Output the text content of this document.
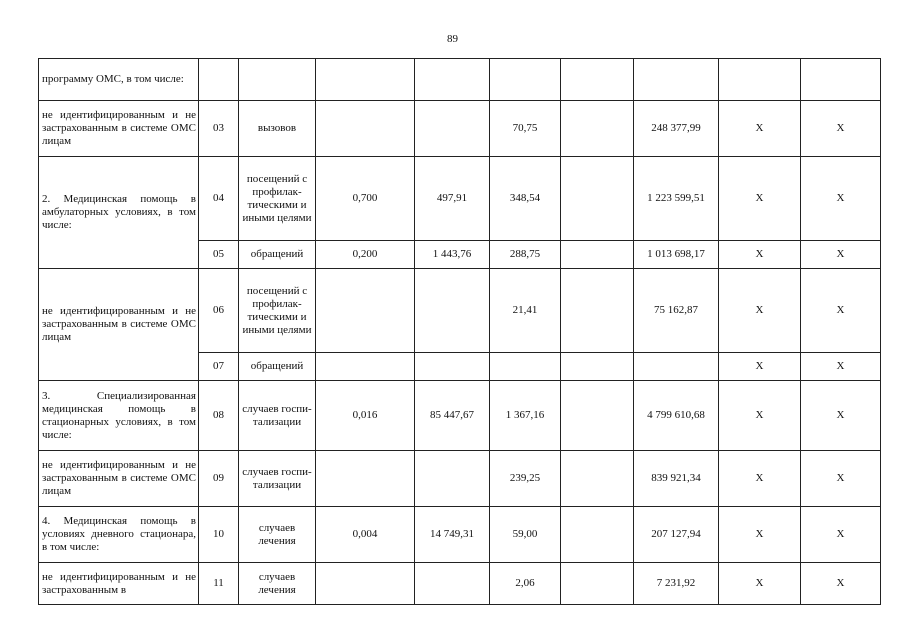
89
программу ОМС, в том числе:									
не идентифицированным и не застрахованным в системе ОМС лицам	03	вызовов			70,75		248 377,99	X	X
2. Медицинская помощь в амбулаторных условиях, в том числе:	04	посещений с профилак-тическими и иными целями	0,700	497,91	348,54		1 223 599,51	X	X
	05	обращений	0,200	1 443,76	288,75		1 013 698,17	X	X
не идентифицированным и не застрахованным в системе ОМС лицам	06	посещений с профилак-тическими и иными целями			21,41		75 162,87	X	X
	07	обращений						X	X
3. Специализированная медицинская помощь в стационарных условиях, в том числе:	08	случаев госпи-тализации	0,016	85 447,67	1 367,16		4 799 610,68	X	X
не идентифицированным и не застрахованным в системе ОМС лицам	09	случаев госпи-тализации			239,25		839 921,34	X	X
4. Медицинская помощь в условиях дневного стационара, в том числе:	10	случаев лечения	0,004	14 749,31	59,00		207 127,94	X	X
не идентифицированным и не застрахованным в	11	случаев лечения			2,06		7 231,92	X	X
